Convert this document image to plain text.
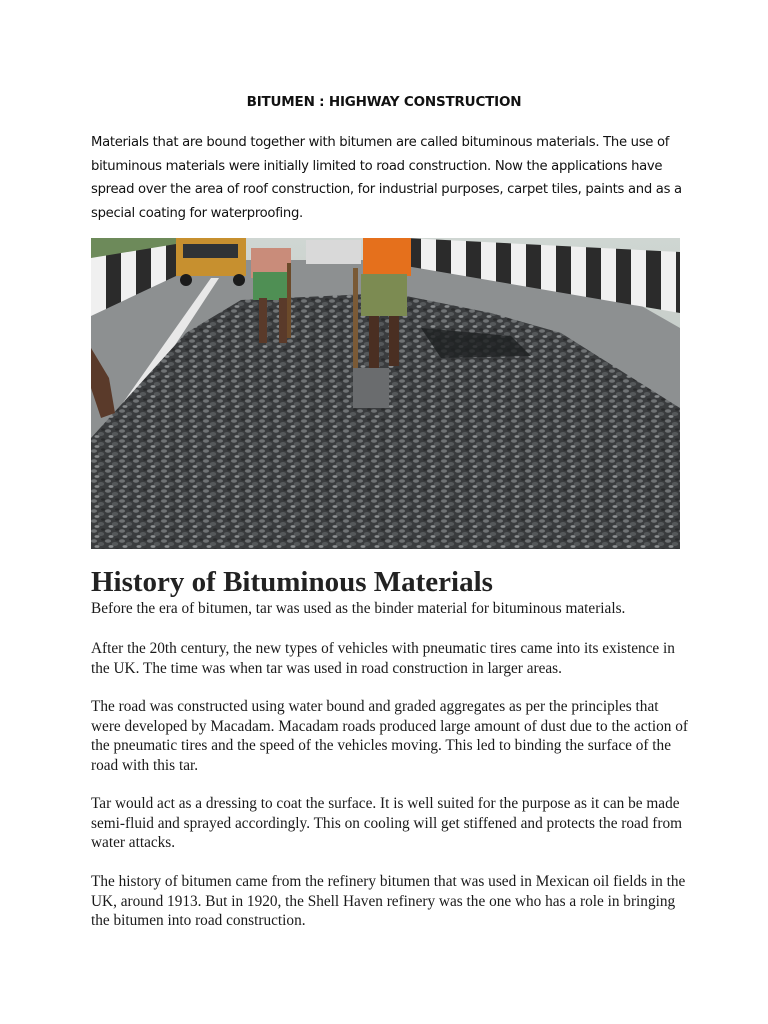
BITUMEN : HIGHWAY CONSTRUCTION

Materials that are bound together with bitumen are called bituminous materials. The use of bituminous materials were initially limited to road construction. Now the applications have spread over the area of roof construction, for industrial purposes, carpet tiles, paints and as a special coating for waterproofing.

History of Bituminous Materials

Before the era of bitumen, tar was used as the binder material for bituminous materials.

After the 20th century, the new types of vehicles with pneumatic tires came into its existence in the UK. The time was when tar was used in road construction in larger areas.

The road was constructed using water bound and graded aggregates as per the principles that were developed by Macadam. Macadam roads produced large amount of dust due to the action of the pneumatic tires and the speed of the vehicles moving. This led to binding the surface of the road with this tar.

Tar would act as a dressing to coat the surface. It is well suited for the purpose as it can be made semi-fluid and sprayed accordingly. This on cooling will get stiffened and protects the road from water attacks.

The history of bitumen came from the refinery bitumen that was used in Mexican oil fields in the UK, around 1913. But in 1920, the Shell Haven refinery was the one who has a role in bringing the bitumen into road construction.
